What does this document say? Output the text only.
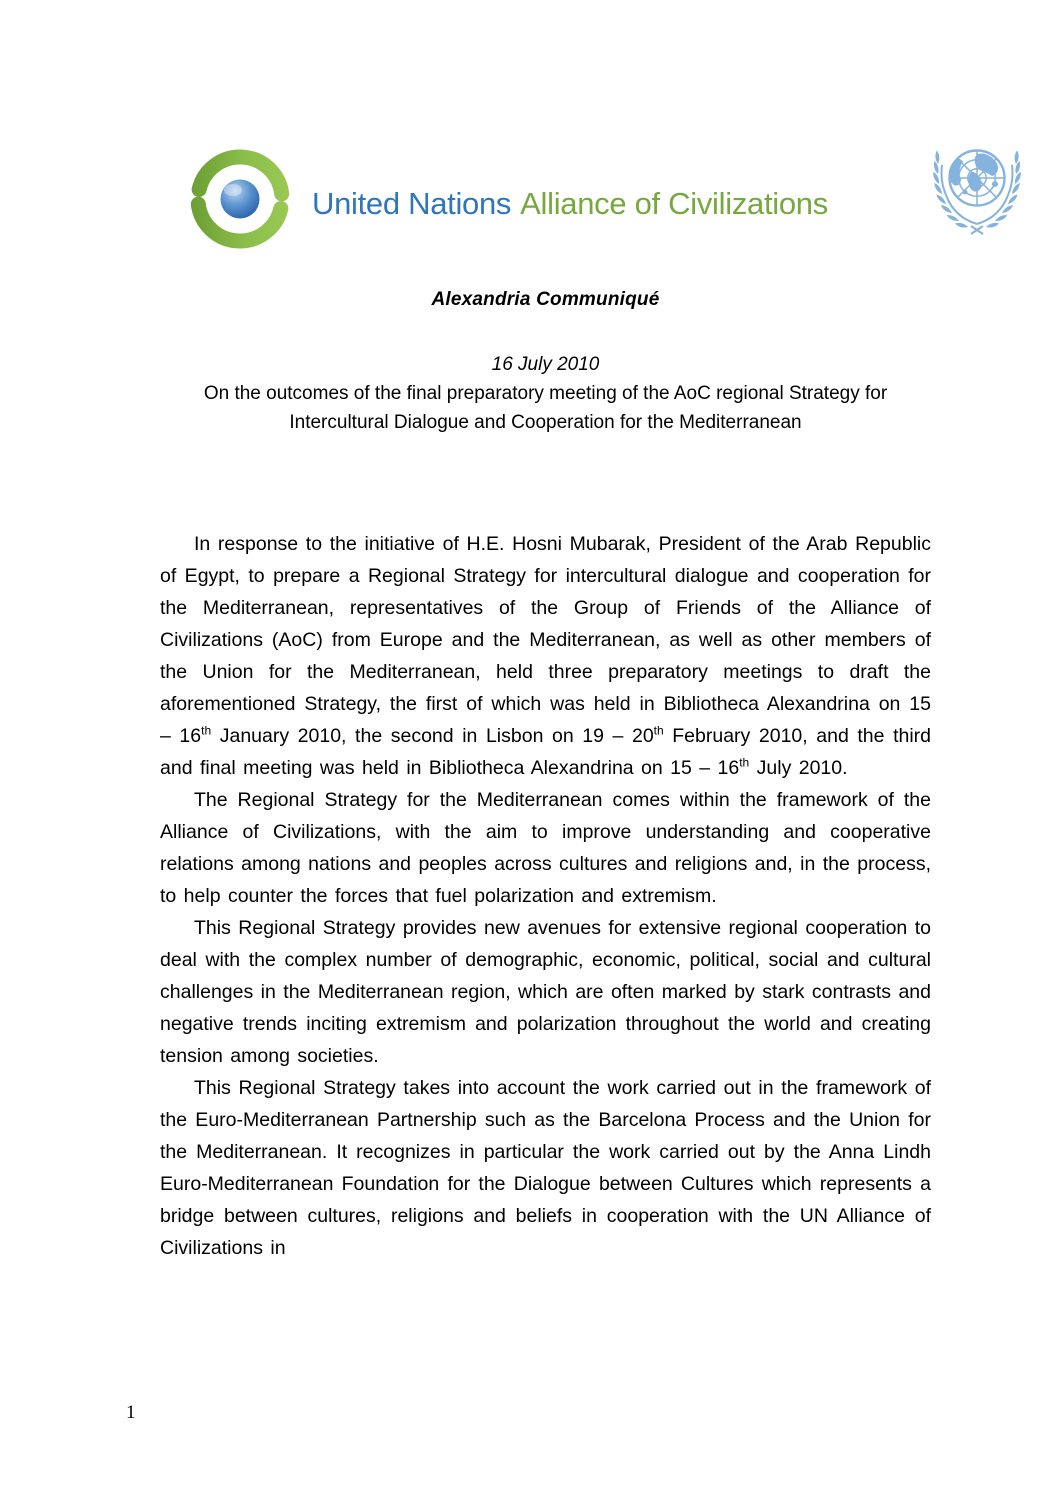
United Nations Alliance of Civilizations
Alexandria Communiqué

16 July 2010

On the outcomes of the final preparatory meeting of the AoC regional Strategy for Intercultural Dialogue and Cooperation for the Mediterranean

In response to the initiative of H.E. Hosni Mubarak, President of the Arab Republic of Egypt, to prepare a Regional Strategy for intercultural dialogue and cooperation for the Mediterranean, representatives of the Group of Friends of the Alliance of Civilizations (AoC) from Europe and the Mediterranean, as well as other members of the Union for the Mediterranean, held three preparatory meetings to draft the aforementioned Strategy, the first of which was held in Bibliotheca Alexandrina on 15 – 16th January 2010, the second in Lisbon on 19 – 20th February 2010, and the third and final meeting was held in Bibliotheca Alexandrina on 15 – 16th July 2010.

The Regional Strategy for the Mediterranean comes within the framework of the Alliance of Civilizations, with the aim to improve understanding and cooperative relations among nations and peoples across cultures and religions and, in the process, to help counter the forces that fuel polarization and extremism.

This Regional Strategy provides new avenues for extensive regional cooperation to deal with the complex number of demographic, economic, political, social and cultural challenges in the Mediterranean region, which are often marked by stark contrasts and negative trends inciting extremism and polarization throughout the world and creating tension among societies.

This Regional Strategy takes into account the work carried out in the framework of the Euro-Mediterranean Partnership such as the Barcelona Process and the Union for the Mediterranean. It recognizes in particular the work carried out by the Anna Lindh Euro-Mediterranean Foundation for the Dialogue between Cultures which represents a bridge between cultures, religions and beliefs in cooperation with the UN Alliance of Civilizations in

1
